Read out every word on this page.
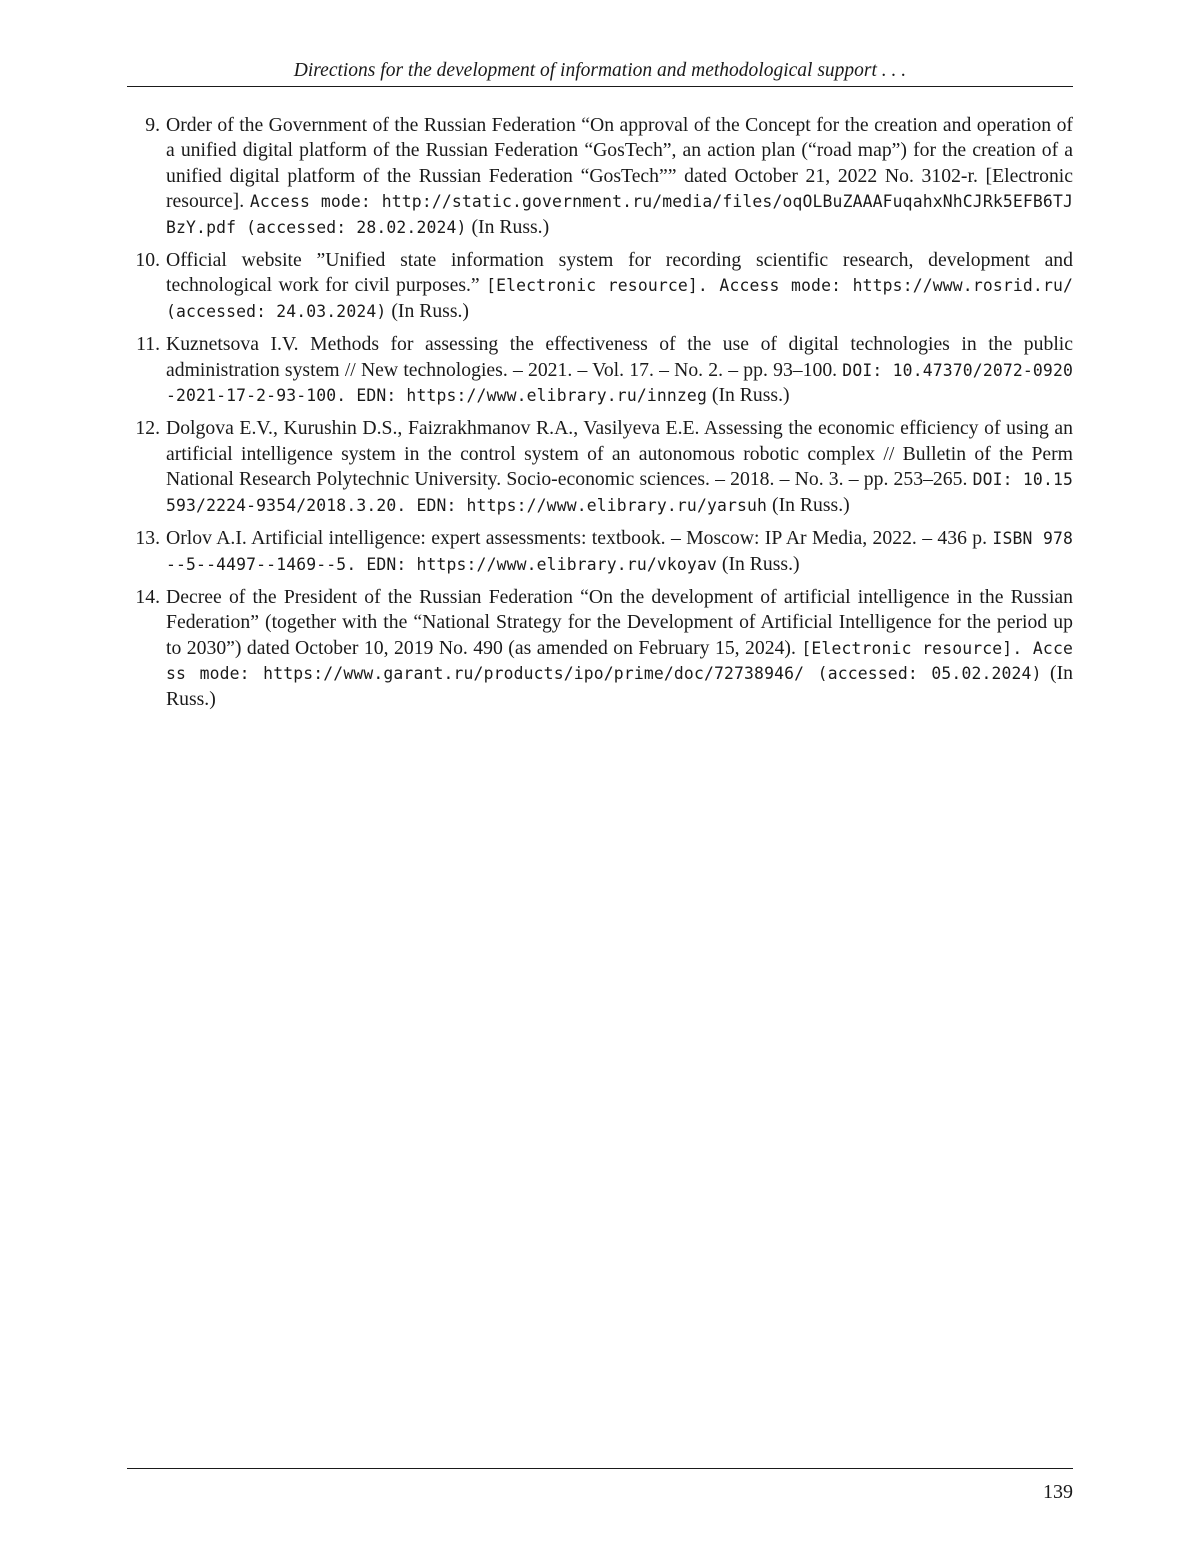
Directions for the development of information and methodological support . . .
9. Order of the Government of the Russian Federation “On approval of the Concept for the creation and operation of a unified digital platform of the Russian Federation “GosTech”, an action plan (“road map”) for the creation of a unified digital platform of the Russian Federation “GosTech”” dated October 21, 2022 No. 3102-r. [Electronic resource]. Access mode: http://static.government.ru/media/files/oqOLBuZAAAFuqahxNhCJRk5EFB6TJBzY.pdf (accessed: 28.02.2024) (In Russ.)
10. Official website ”Unified state information system for recording scientific research, development and technological work for civil purposes.” [Electronic resource]. Access mode: https://www.rosrid.ru/ (accessed: 24.03.2024) (In Russ.)
11. Kuznetsova I.V. Methods for assessing the effectiveness of the use of digital technologies in the public administration system // New technologies. – 2021. – Vol. 17. – No. 2. – pp. 93–100. DOI: 10.47370/2072-0920-2021-17-2-93-100. EDN: https://www.elibrary.ru/innzeg (In Russ.)
12. Dolgova E.V., Kurushin D.S., Faizrakhmanov R.A., Vasilyeva E.E. Assessing the economic efficiency of using an artificial intelligence system in the control system of an autonomous robotic complex // Bulletin of the Perm National Research Polytechnic University. Socio-economic sciences. – 2018. – No. 3. – pp. 253–265. DOI: 10.15593/2224-9354/2018.3.20. EDN: https://www.elibrary.ru/yarsuh (In Russ.)
13. Orlov A.I. Artificial intelligence: expert assessments: textbook. – Moscow: IP Ar Media, 2022. – 436 p. ISBN 978--5--4497--1469--5. EDN: https://www.elibrary.ru/vkoyav (In Russ.)
14. Decree of the President of the Russian Federation “On the development of artificial intelligence in the Russian Federation” (together with the “National Strategy for the Development of Artificial Intelligence for the period up to 2030”) dated October 10, 2019 No. 490 (as amended on February 15, 2024). [Electronic resource]. Access mode: https://www.garant.ru/products/ipo/prime/doc/72738946/ (accessed: 05.02.2024) (In Russ.)
139
